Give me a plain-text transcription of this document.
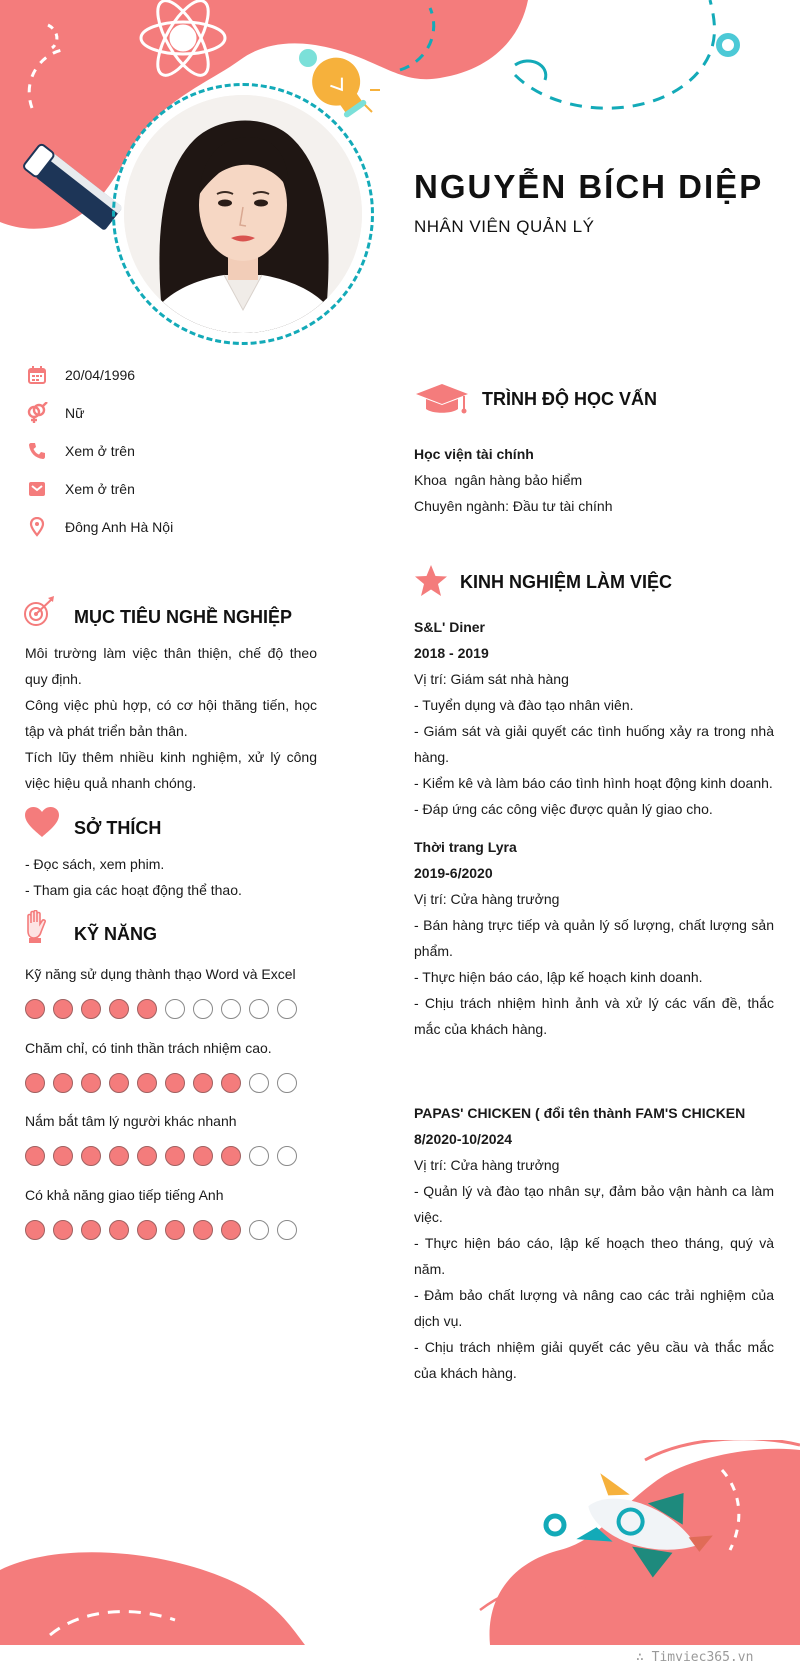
NGUYỄN BÍCH DIỆP
NHÂN VIÊN QUẢN LÝ
20/04/1996
Nữ
Xem ở trên
Xem ở trên
Đông Anh Hà Nội
MỤC TIÊU NGHỀ NGHIỆP

Môi trường làm việc thân thiện, chế độ theo quy định.

Công việc phù hợp, có cơ hội thăng tiến, học tập và phát triển bản thân.

Tích lũy thêm nhiều kinh nghiệm, xử lý công việc hiệu quả nhanh chóng.

SỞ THÍCH

- Đọc sách, xem phim.

- Tham gia các hoạt động thể thao.

KỸ NĂNG
Kỹ năng sử dụng thành thạo Word và Excel
Chăm chỉ, có tinh thần trách nhiệm cao.
Nắm bắt tâm lý người khác nhanh
Có khả năng giao tiếp tiếng Anh
TRÌNH ĐỘ HỌC VẤN

Học viện tài chính

Khoa  ngân hàng bảo hiểm

Chuyên ngành: Đầu tư tài chính

KINH NGHIỆM LÀM VIỆC

S&L' Diner

2018 - 2019

Vị trí: Giám sát nhà hàng

- Tuyển dụng và đào tạo nhân viên.

- Giám sát và giải quyết các tình huống xảy ra trong nhà hàng.

- Kiểm kê và làm báo cáo tình hình hoạt động kinh doanh.

- Đáp ứng các công việc được quản lý giao cho.

Thời trang Lyra

2019-6/2020

Vị trí: Cửa hàng trưởng

- Bán hàng trực tiếp và quản lý số lượng, chất lượng sản phẩm.

- Thực hiện báo cáo, lập kế hoạch kinh doanh.

- Chịu trách nhiệm hình ảnh và xử lý các vấn đề, thắc mắc của khách hàng.

PAPAS' CHICKEN ( đổi tên thành FAM'S CHICKEN

8/2020-10/2024

Vị trí: Cửa hàng trưởng

- Quản lý và đào tạo nhân sự, đảm bảo vận hành ca làm việc.

- Thực hiện báo cáo, lập kế hoạch theo tháng, quý và năm.

- Đảm bảo chất lượng và nâng cao các trải nghiệm của dịch vụ.

- Chịu trách nhiệm giải quyết các yêu cầu và thắc mắc của khách hàng.

∴ Timviec365.vn
